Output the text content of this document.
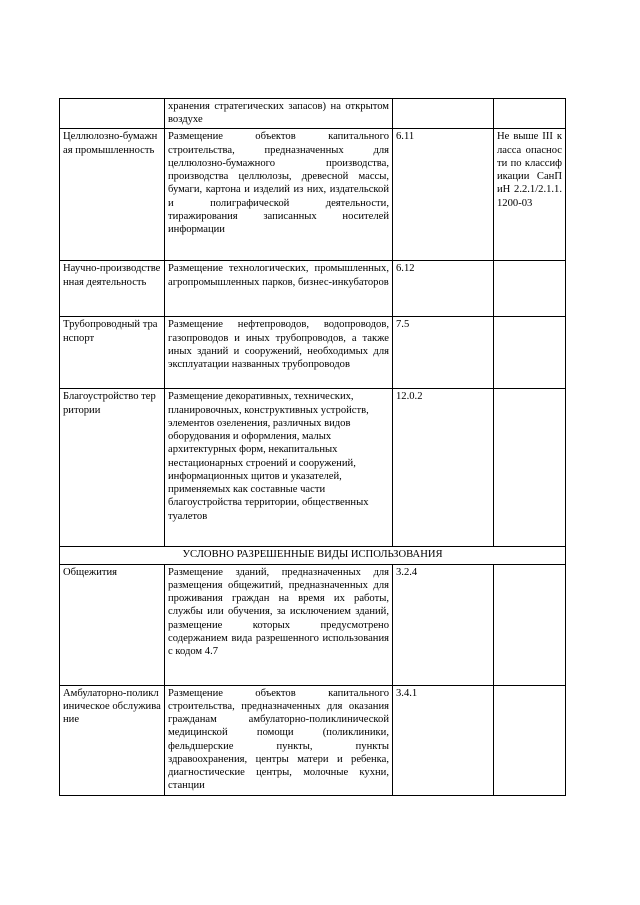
	хранения стратегических запасов) на открытом воздухе		
Целлюлозно-бумажная промышленность	Размещение объектов капитального строительства, предназначенных для целлюлозно-бумажного производства, производства целлюлозы, древесной массы, бумаги, картона и изделий из них, издательской и полиграфической деятельности, тиражирования записанных носителей информации	6.11	Не выше III класса опасности по классификации СанПиН 2.2.1/2.1.1. 1200-03
Научно-производственная деятельность	Размещение технологических, промышленных, агропромышленных парков, бизнес-инкубаторов	6.12	
Трубопроводный транспорт	Размещение нефтепроводов, водопроводов, газопроводов и иных трубопроводов, а также иных зданий и сооружений, необходимых для эксплуатации названных трубопроводов	7.5	
Благоустройство территории	Размещение декоративных, технических, планировочных, конструктивных устройств, элементов озеленения, различных видов оборудования и оформления, малых архитектурных форм, некапитальных нестационарных строений и сооружений, информационных щитов и указателей, применяемых как составные части благоустройства территории, общественных туалетов	12.0.2	
УСЛОВНО РАЗРЕШЕННЫЕ ВИДЫ ИСПОЛЬЗОВАНИЯ			
Общежития	Размещение зданий, предназначенных для размещения общежитий, предназначенных для проживания граждан на время их работы, службы или обучения, за исключением зданий, размещение которых предусмотрено содержанием вида разрешенного использования с кодом 4.7	3.2.4	
Амбулаторно-поликлиническое обслуживание	Размещение объектов капитального строительства, предназначенных для оказания гражданам амбулаторно-поликлинической медицинской помощи (поликлиники, фельдшерские пункты, пункты здравоохранения, центры матери и ребенка, диагностические центры, молочные кухни, станции	3.4.1	
